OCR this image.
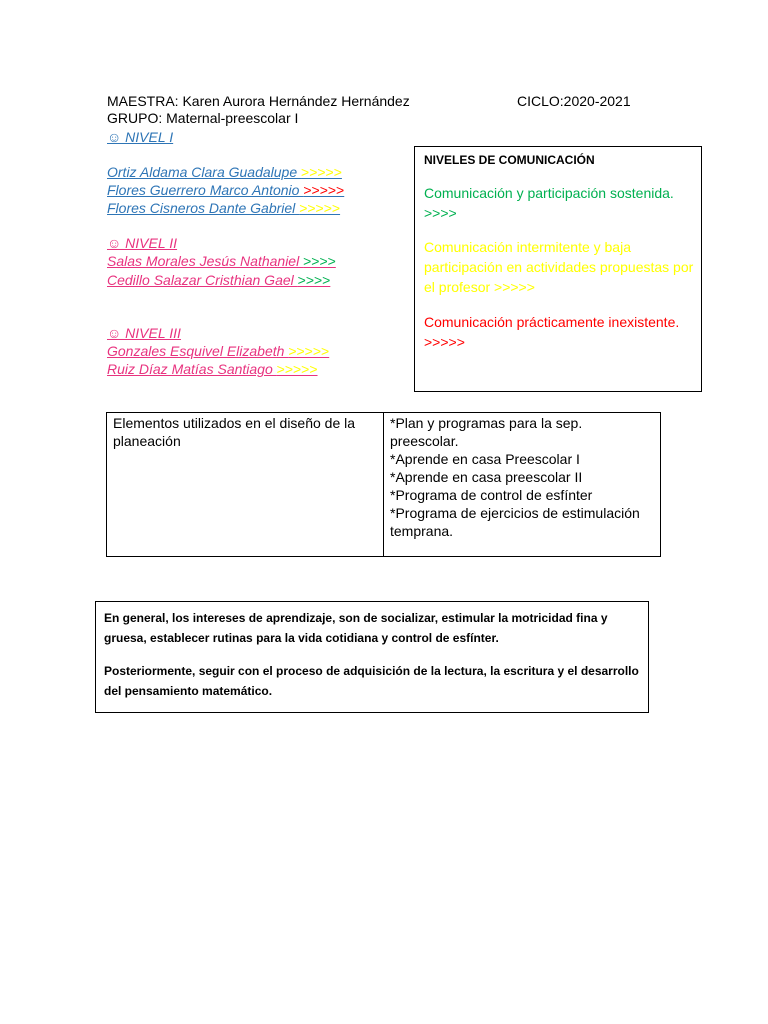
MAESTRA: Karen Aurora Hernández Hernández	CICLO:2020-2021
GRUPO: Maternal-preescolar I
☺ NIVEL I
Ortiz Aldama Clara Guadalupe >>>>>
Flores Guerrero Marco Antonio >>>>>
Flores Cisneros Dante Gabriel >>>>>
☺ NIVEL II
Salas Morales Jesús Nathaniel >>>>
Cedillo Salazar Cristhian Gael >>>>
☺ NIVEL III
Gonzales Esquivel Elizabeth >>>>>
Ruiz Díaz Matías Santiago >>>>>
NIVELES DE COMUNICACIÓN
Comunicación y participación sostenida. >>>>
Comunicación intermitente y baja participación en actividades propuestas por el profesor >>>>>
Comunicación prácticamente inexistente. >>>>>
Elementos utilizados en el diseño de la planeación	
*Plan y programas para la sep. preescolar.
*Aprende en casa Preescolar I
*Aprende en casa preescolar II
*Programa de control de esfínter
*Programa de ejercicios de estimulación temprana.

En general, los intereses de aprendizaje, son de socializar, estimular la motricidad fina y gruesa, establecer rutinas para la vida cotidiana y control de esfínter.

Posteriormente, seguir con el proceso de adquisición de la lectura, la escritura y el desarrollo del pensamiento matemático.
